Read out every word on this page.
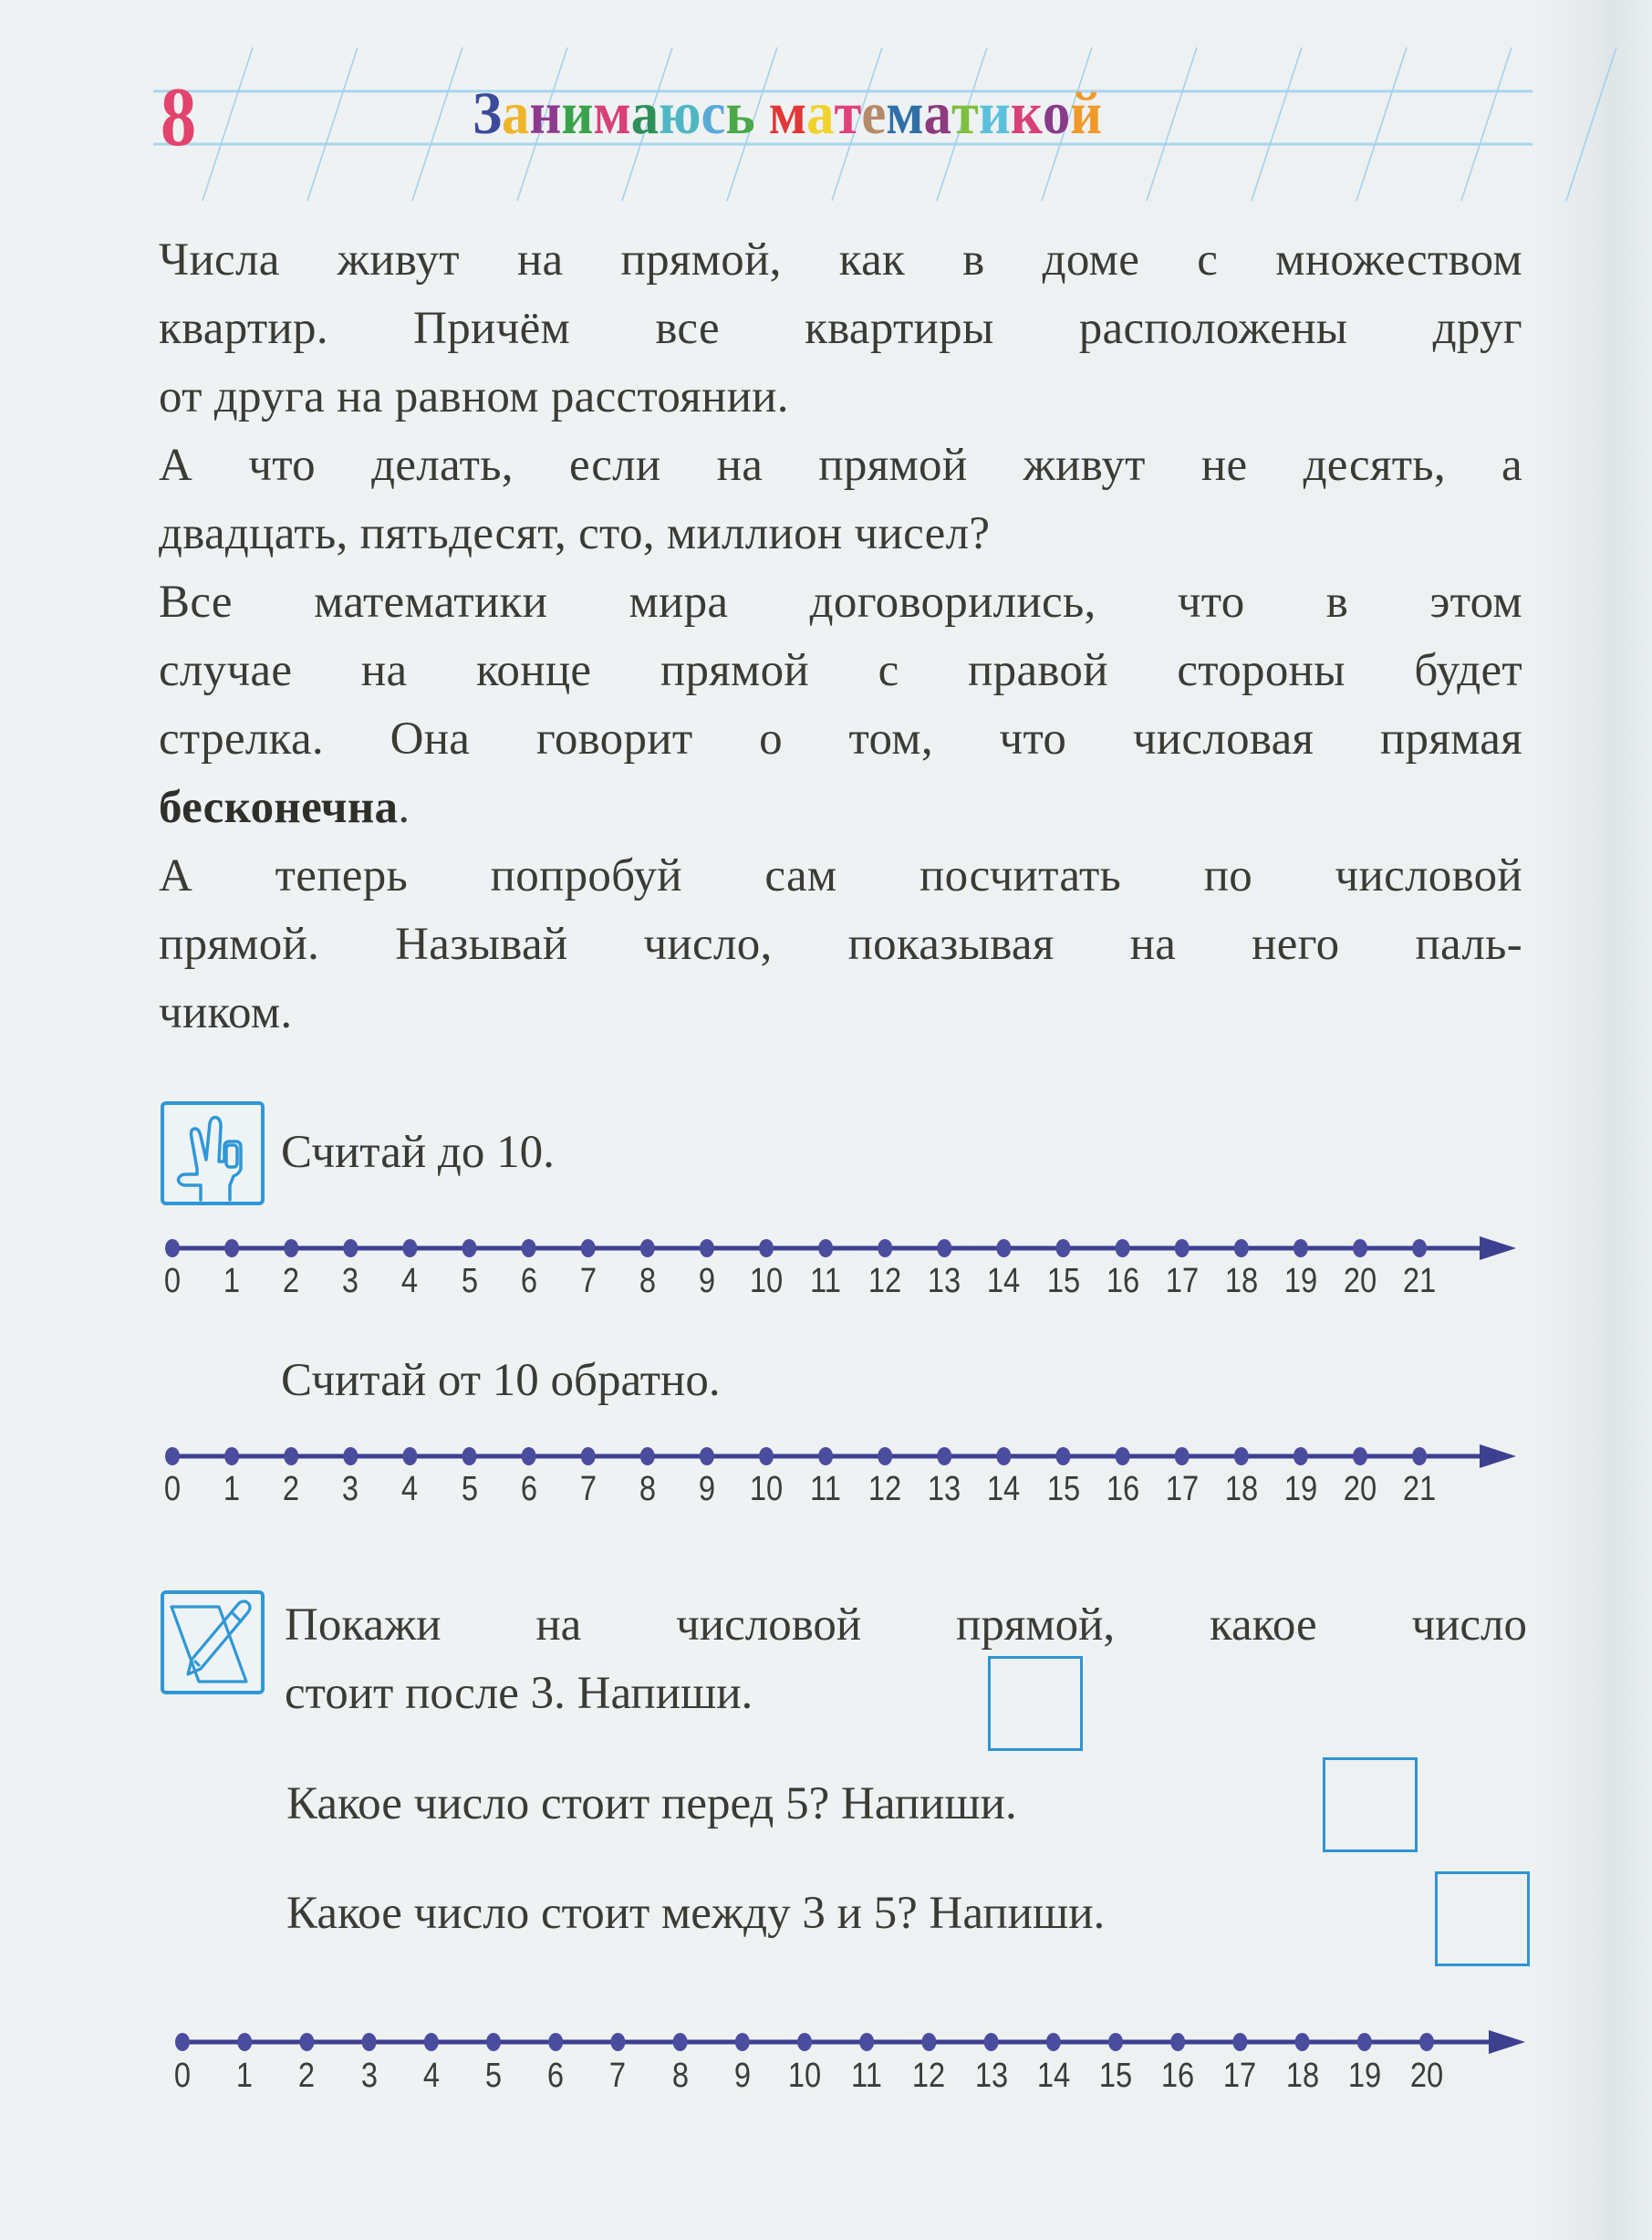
8	Занимаюсь математикой
Числа живут на прямой, как в доме с множеством
квартир. Причём все квартиры расположены друг
от друга на равном расстоянии.
А что делать, если на прямой живут не десять, а
двадцать, пятьдесят, сто, миллион чисел?
Все математики мира договорились, что в этом
случае на конце прямой с правой стороны будет
стрелка. Она говорит о том, что числовая прямая
бесконечна.
А теперь попробуй сам посчитать по числовой
прямой. Называй число, показывая на него паль-
чиком.
Считай до 10.
0 1 2 3 4 5 6 7 8 9 10 11 12 13 14 15 16 17 18 19 20 21
Считай от 10 обратно.
0 1 2 3 4 5 6 7 8 9 10 11 12 13 14 15 16 17 18 19 20 21
Покажи на числовой прямой, какое число
стоит после 3. Напиши.
Какое число стоит перед 5? Напиши.
Какое число стоит между 3 и 5? Напиши.
0 1 2 3 4 5 6 7 8 9 10 11 12 13 14 15 16 17 18 19 20
